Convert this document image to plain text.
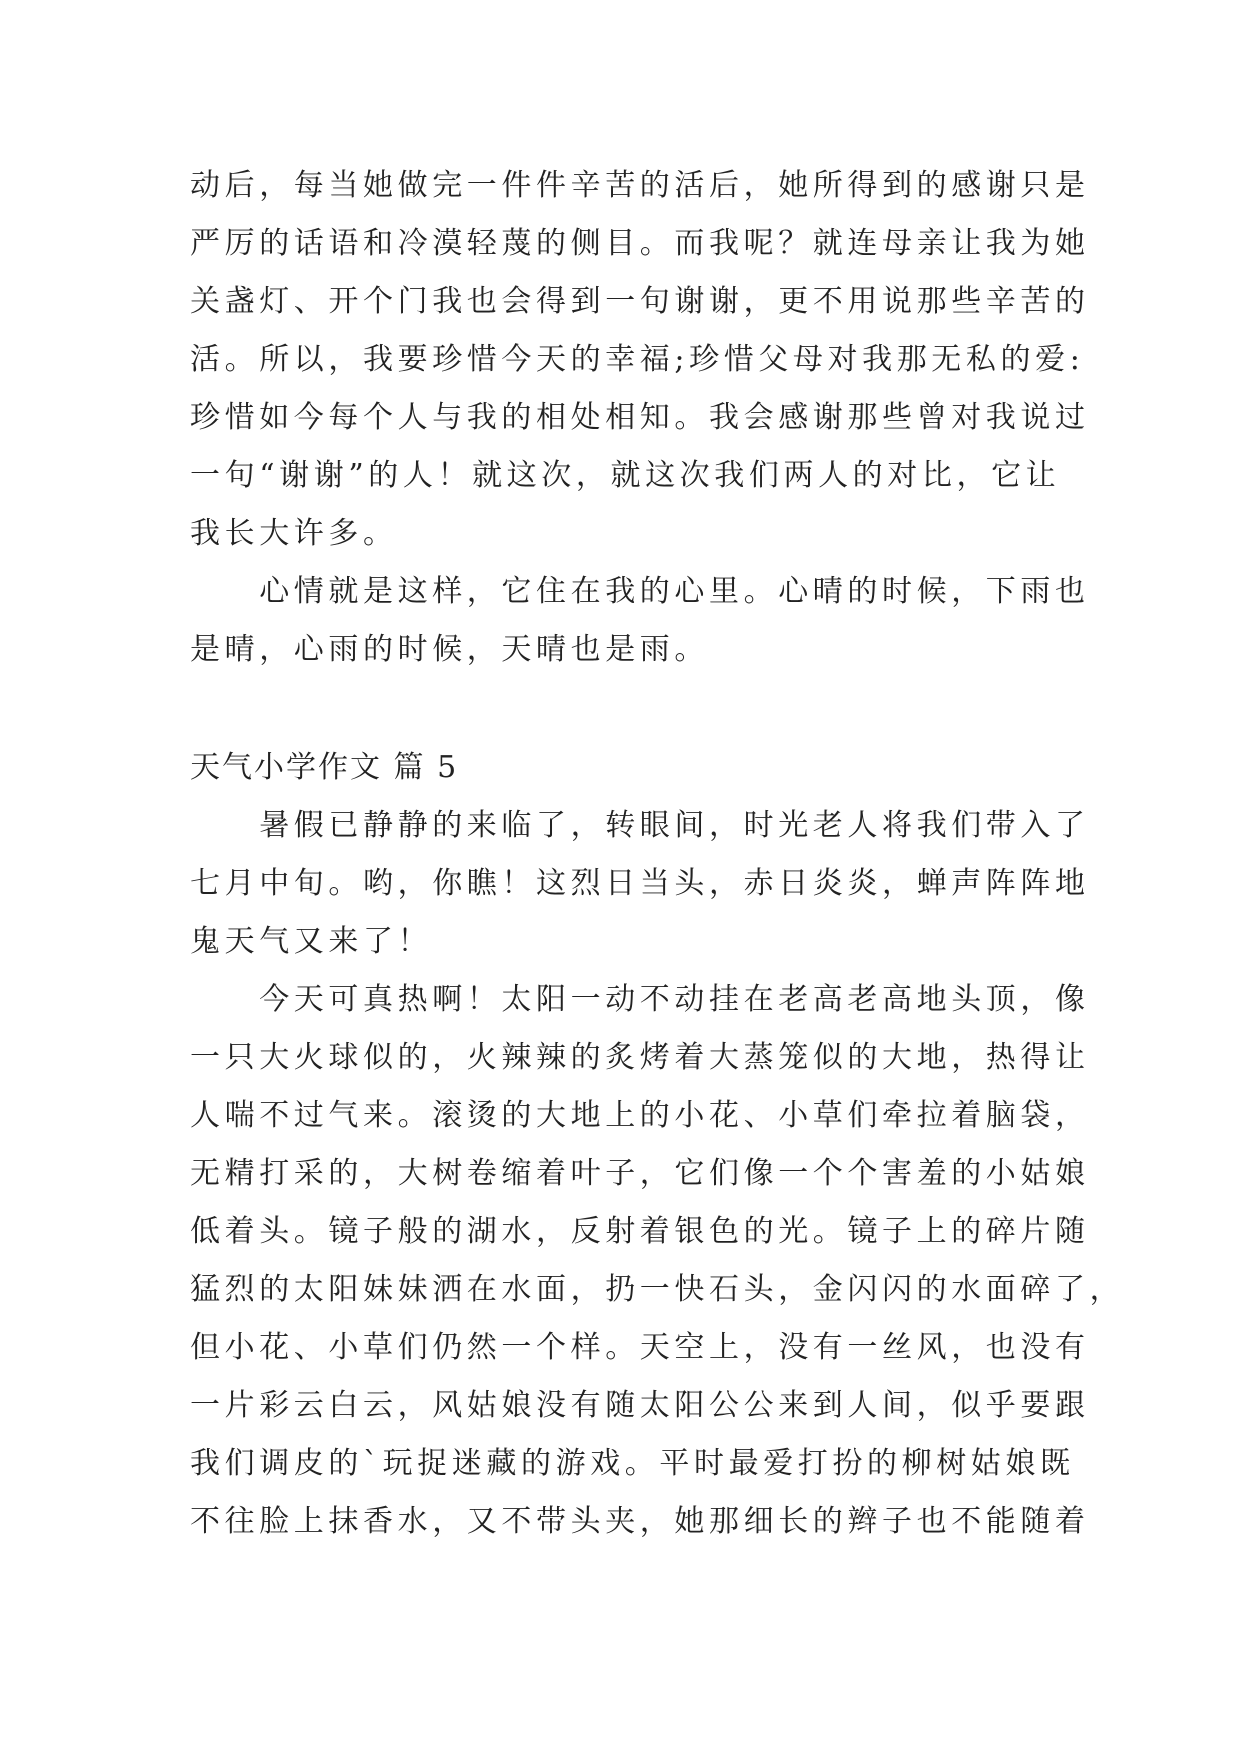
动后，每当她做完一件件辛苦的活后，她所得到的感谢只是
严厉的话语和冷漠轻蔑的侧目。而我呢？就连母亲让我为她
关盏灯、开个门我也会得到一句谢谢，更不用说那些辛苦的
活。所以，我要珍惜今天的幸福;珍惜父母对我那无私的爱:
珍惜如今每个人与我的相处相知。我会感谢那些曾对我说过
一句“谢谢”的人！就这次，就这次我们两人的对比，它让
我长大许多。
　　心情就是这样，它住在我的心里。心晴的时候，下雨也
是晴，心雨的时候，天晴也是雨。
天气小学作文 篇 5
　　暑假已静静的来临了，转眼间，时光老人将我们带入了
七月中旬。哟，你瞧！这烈日当头，赤日炎炎，蝉声阵阵地
鬼天气又来了！
　　今天可真热啊！太阳一动不动挂在老高老高地头顶，像
一只大火球似的，火辣辣的炙烤着大蒸笼似的大地，热得让
人喘不过气来。滚烫的大地上的小花、小草们牵拉着脑袋，
无精打采的，大树卷缩着叶子，它们像一个个害羞的小姑娘
低着头。镜子般的湖水，反射着银色的光。镜子上的碎片随
猛烈的太阳妹妹洒在水面，扔一快石头，金闪闪的水面碎了，
但小花、小草们仍然一个样。天空上，没有一丝风，也没有
一片彩云白云，风姑娘没有随太阳公公来到人间，似乎要跟
我们调皮的`玩捉迷藏的游戏。平时最爱打扮的柳树姑娘既
不往脸上抹香水，又不带头夹，她那细长的辫子也不能随着
